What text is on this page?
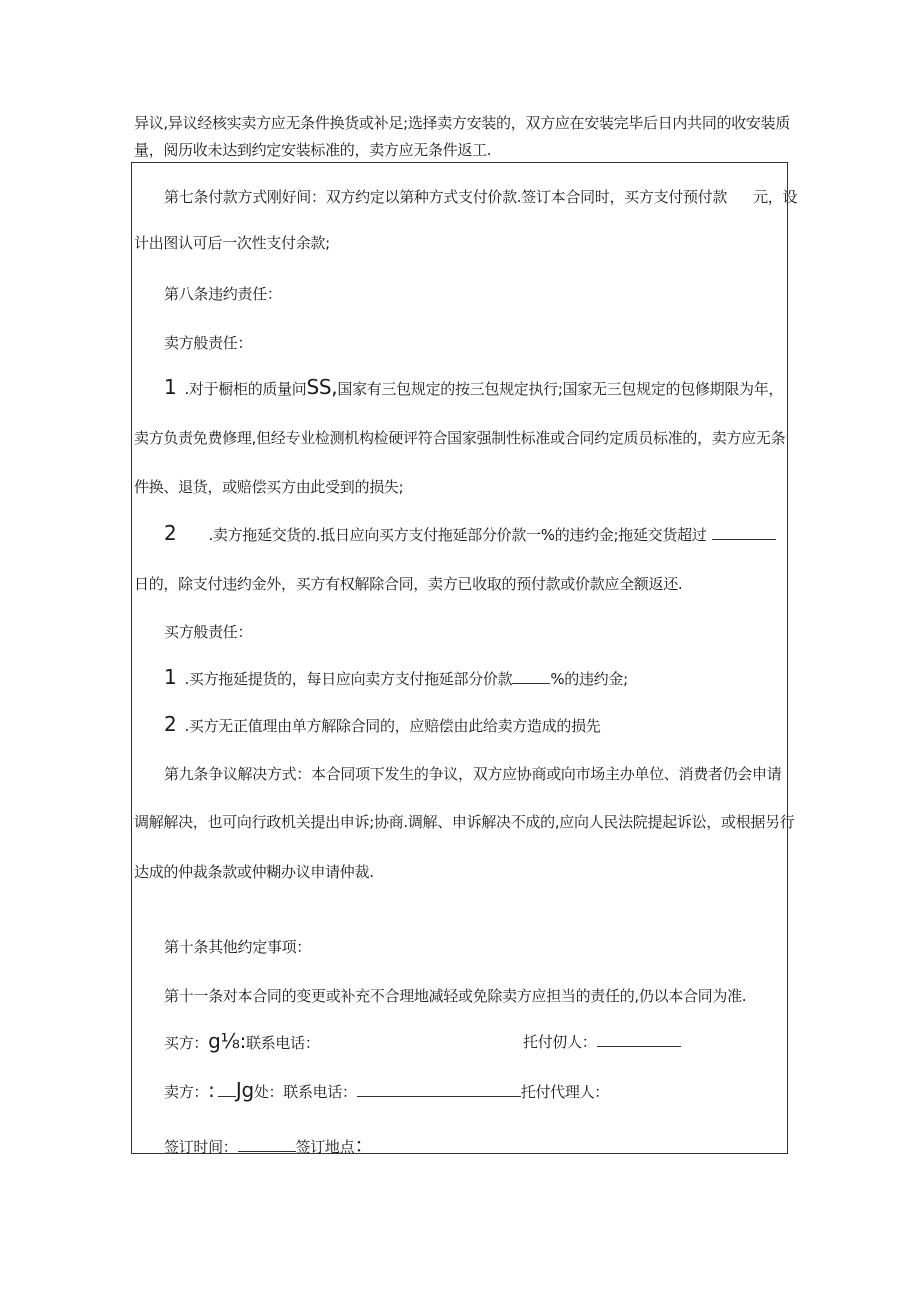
异议,异议经核实卖方应无条件换货或补足;选择卖方安装的，双方应在安装完毕后日内共同的收安装质
量，阅历收未达到约定安装标准的，卖方应无条件返工.
第七条付款方式刚好间：双方约定以第种方式支付价款.签订本合同时，买方支付预付款 元，设
计出图认可后一次性支付余款;
第八条违约责任：
卖方般责任：
1 .对于橱柜的质量问SS,国家有三包规定的按三包规定执行;国家无三包规定的包修期限为年，
卖方负责免费修理,但经专业检测机构检硬评符合国家强制性标准或合同约定质员标准的，卖方应无条
件换、退货，或赔偿买方由此受到的损失;
2 .卖方拖延交货的.抵日应向买方支付拖延部分价款一%的违约金;拖延交货超过
日的，除支付违约金外，买方有权解除合同，卖方已收取的预付款或价款应全额返还.
买方般责任：
1 .买方拖延提货的，每日应向卖方支付拖延部分价款	%的违约金;
2 .买方无正值理由单方解除合同的，应赔偿由此给卖方造成的损先
第九条争议解决方式：本合同项下发生的争议，双方应协商或向市场主办单位、消费者仍会申请
调解解决，也可向行政机关提出申诉;协商.调解、申诉解决不成的,应向人民法院提起诉讼，或根据另行
达成的仲裁条款或仲糊办议申请仲裁.
第十条其他约定事项：
第十一条对本合同的变更或补充不合理地减轻或免除卖方应担当的责任的,仍以本合同为准.
买方：g⅛:联系电话：	托付仞人：
卖方：: Jg处：联系电话：	托付代理人：
签订时间：	签订地点：
